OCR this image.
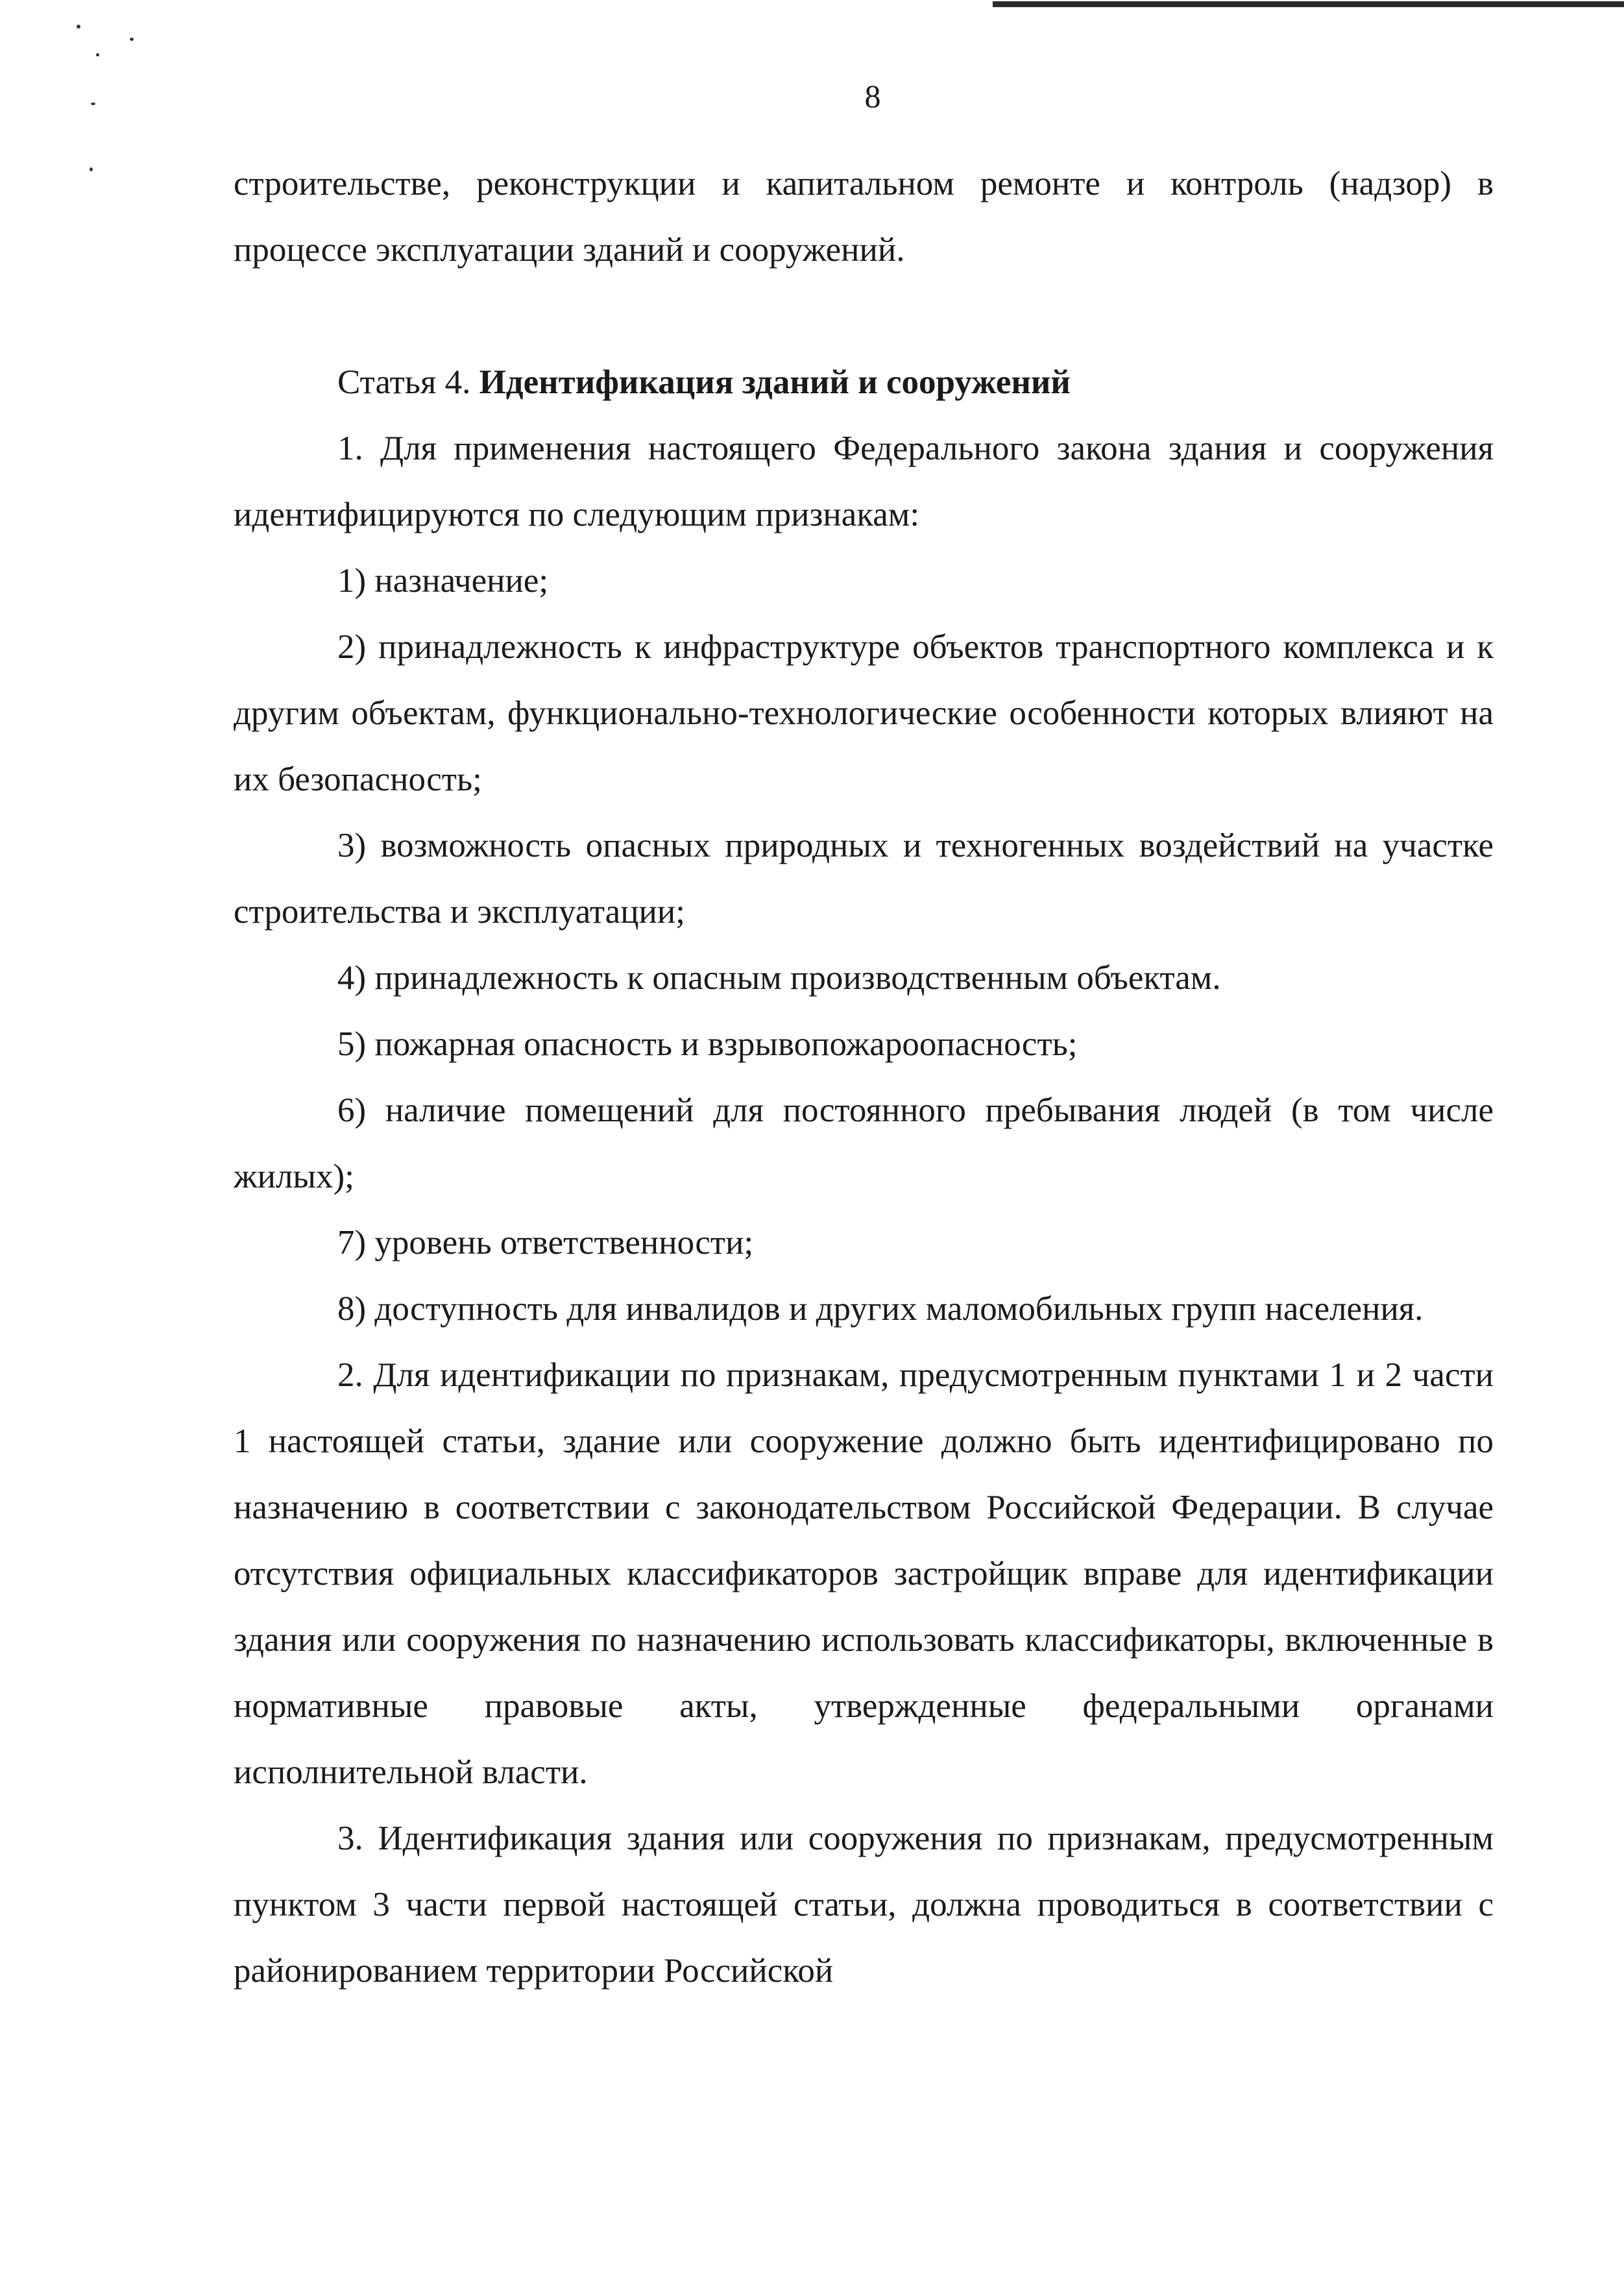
8

строительстве, реконструкции и капитальном ремонте и контроль (надзор) в процессе эксплуатации зданий и сооружений.

Статья 4. Идентификация зданий и сооружений

1. Для применения настоящего Федерального закона здания и сооружения идентифицируются по следующим признакам:

1) назначение;

2) принадлежность к инфраструктуре объектов транспортного комплекса и к другим объектам, функционально-технологические особенности которых влияют на их безопасность;

3) возможность опасных природных и техногенных воздействий на участке строительства и эксплуатации;

4) принадлежность к опасным производственным объектам.

5) пожарная опасность и взрывопожароопасность;

6) наличие помещений для постоянного пребывания людей (в том числе жилых);

7) уровень ответственности;

8) доступность для инвалидов и других маломобильных групп населения.

2. Для идентификации по признакам, предусмотренным пунктами 1 и 2 части 1 настоящей статьи, здание или сооружение должно быть идентифицировано по назначению в соответствии с законодательством Российской Федерации. В случае отсутствия официальных классификаторов застройщик вправе для идентификации здания или сооружения по назначению использовать классификаторы, включенные в нормативные правовые акты, утвержденные федеральными органами исполнительной власти.

3. Идентификация здания или сооружения по признакам, предусмотренным пунктом 3 части первой настоящей статьи, должна проводиться в соответствии с районированием территории Российской
